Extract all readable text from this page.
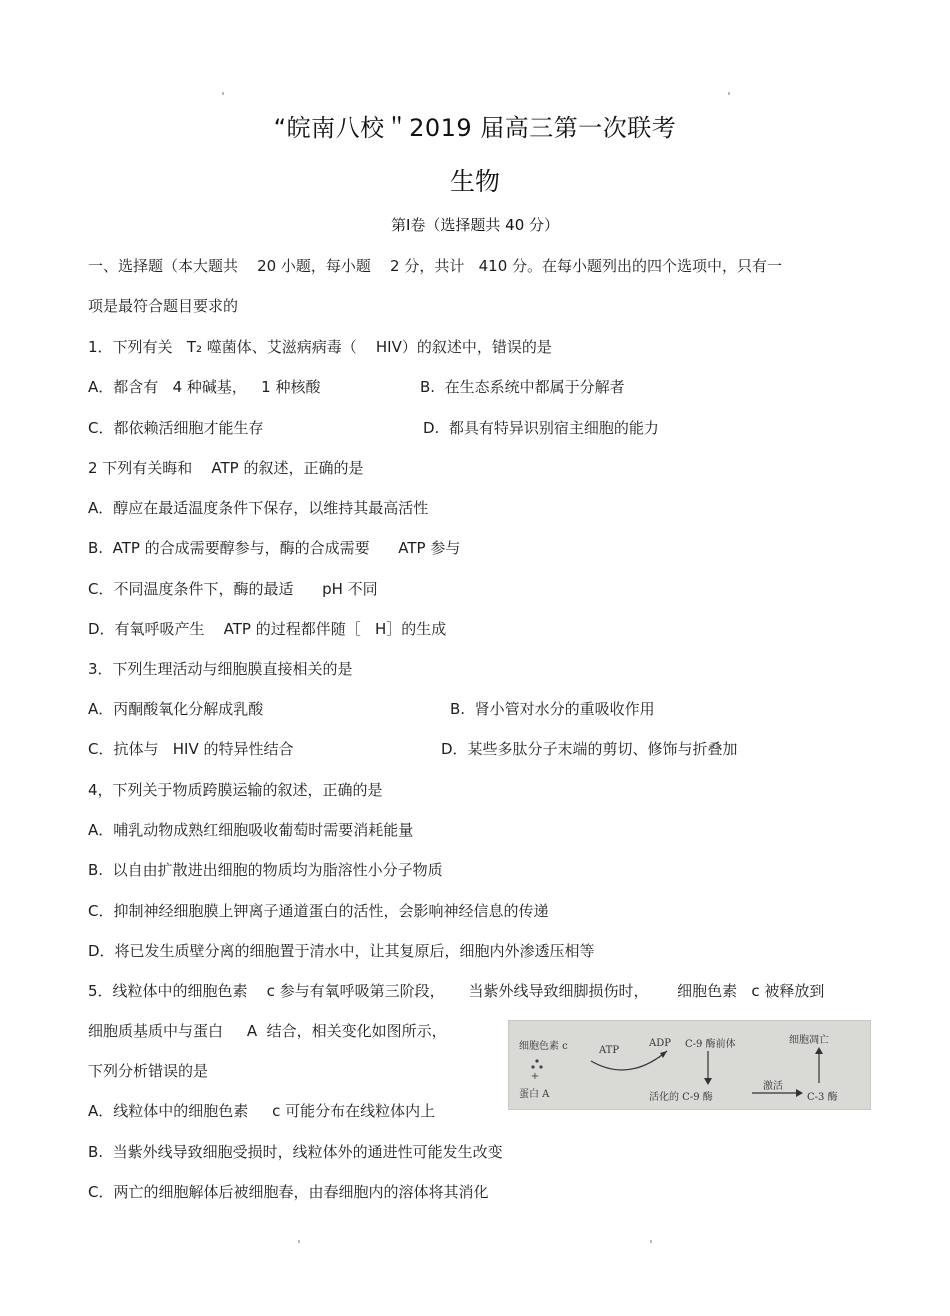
“皖南八校＂2019 届高三第一次联考
生物
第Ⅰ卷（选择题共 40 分）
一、选择题（本大题共    20 小题，每小题    2 分，共计   410 分。在每小题列出的四个选项中，只有一
项是最符合题目要求的
1．下列有关   T₂ 噬菌体、艾滋病病毒（    HIV）的叙述中，错误的是
A．都含有   4 种碱基，   1 种核酸	B.  在生态系统中都属于分解者
C．都依赖活细胞才能生存	D.  都具有特异识别宿主细胞的能力
2 下列有关晦和    ATP 的叙述，正确的是
A．醇应在最适温度条件下保存，以维持其最高活性
B.  ATP 的合成需要醇参与，酶的合成需要      ATP 参与
C．不同温度条件下，酶的最适      pH 不同
D．有氧呼吸产生    ATP 的过程都伴随［   H］的生成
3．下列生理活动与细胞膜直接相关的是
A．丙酮酸氧化分解成乳酸	B.  肾小管对水分的重吸收作用
C．抗体与   HIV 的特异性结合	D．某些多肽分子末端的剪切、修饰与折叠加
4，下列关于物质跨膜运输的叙述，正确的是
A．哺乳动物成熟红细胞吸收葡萄时需要消耗能量
B.  以自由扩散进出细胞的物质均为脂溶性小分子物质
C．抑制神经细胞膜上钾离子通道蛋白的活性，会影响神经信息的传递
D．将已发生质壁分离的细胞置于清水中，让其复原后，细胞内外渗透压相等
5．线粒体中的细胞色素    c 参与有氧呼吸第三阶段，     当紫外线导致细脚损伤时，      细胞色素   c 被释放到
细胞质基质中与蛋白     A  结合，相关变化如图所示，
下列分析错误的是
A．线粒体中的细胞色素     c 可能分布在线粒体内上
B.  当紫外线导致细胞受损时，线粒体外的通进性可能发生改变
C．两亡的细胞解体后被细胞春，由春细胞内的溶体将其消化
+
细胞色素 c
蛋白 A
ATP
ADP C-9 酶前体	细胞凋亡
活化的 C-9 酶
激活
C-3 酶
